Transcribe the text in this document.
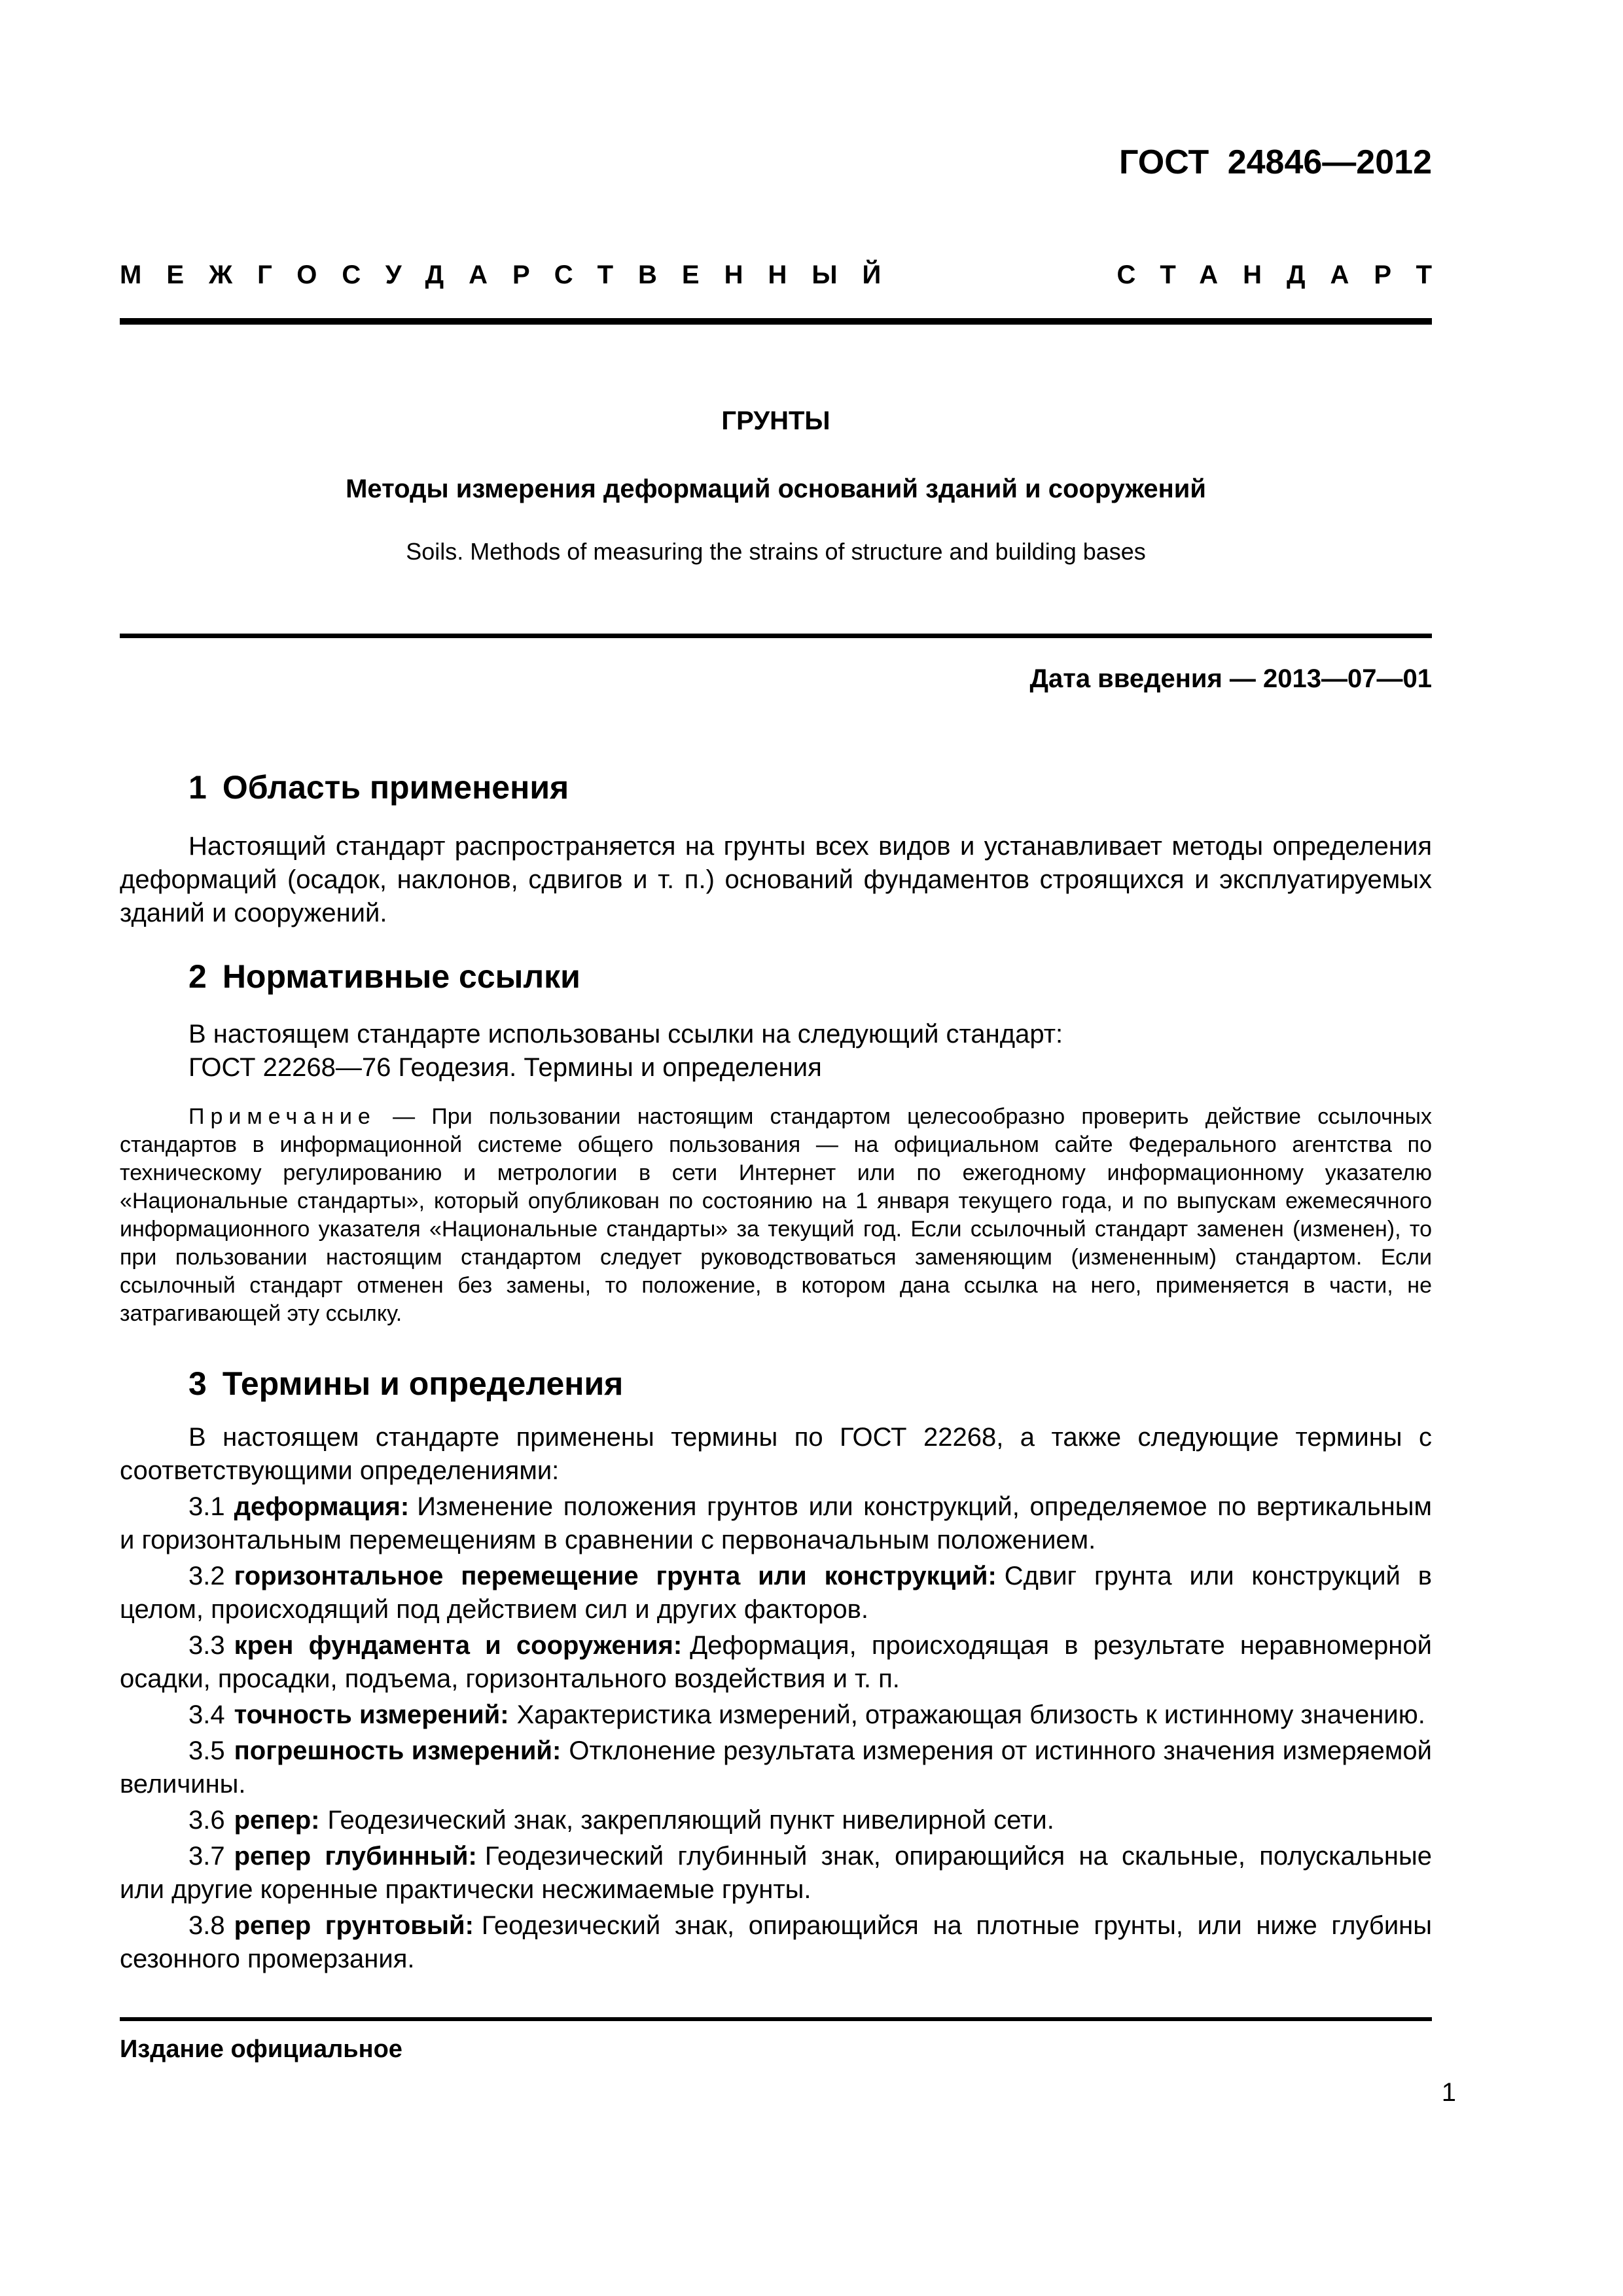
ГОСТ 24846—2012
МЕЖГОСУДАРСТВЕННЫЙ	СТАНДАРТ
ГРУНТЫ
Методы измерения деформаций оснований зданий и сооружений
Soils. Methods of measuring the strains of structure and building bases
Дата введения — 2013—07—01
1 Область применения
Настоящий стандарт распространяется на грунты всех видов и устанавливает методы определения деформаций (осадок, наклонов, сдвигов и т. п.) оснований фундаментов строящихся и эксплуатируемых зданий и сооружений.
2 Нормативные ссылки
В настоящем стандарте использованы ссылки на следующий стандарт:
ГОСТ 22268—76 Геодезия. Термины и определения
Примечание — При пользовании настоящим стандартом целесообразно проверить действие ссылочных стандартов в информационной системе общего пользования — на официальном сайте Федерального агентства по техническому регулированию и метрологии в сети Интернет или по ежегодному информационному указателю «Национальные стандарты», который опубликован по состоянию на 1 января текущего года, и по выпускам ежемесячного информационного указателя «Национальные стандарты» за текущий год. Если ссылочный стандарт заменен (изменен), то при пользовании настоящим стандартом следует руководствоваться заменяющим (измененным) стандартом. Если ссылочный стандарт отменен без замены, то положение, в котором дана ссылка на него, применяется в части, не затрагивающей эту ссылку.
3 Термины и определения
В настоящем стандарте применены термины по ГОСТ 22268, а также следующие термины с соответствующими определениями:
3.1 деформация: Изменение положения грунтов или конструкций, определяемое по вертикальным и горизонтальным перемещениям в сравнении с первоначальным положением.
3.2 горизонтальное перемещение грунта или конструкций: Сдвиг грунта или конструкций в целом, происходящий под действием сил и других факторов.
3.3 крен фундамента и сооружения: Деформация, происходящая в результате неравномерной осадки, просадки, подъема, горизонтального воздействия и т. п.
3.4 точность измерений: Характеристика измерений, отражающая близость к истинному значению.
3.5 погрешность измерений: Отклонение результата измерения от истинного значения измеряемой величины.
3.6 репер: Геодезический знак, закрепляющий пункт нивелирной сети.
3.7 репер глубинный: Геодезический глубинный знак, опирающийся на скальные, полускальные или другие коренные практически несжимаемые грунты.
3.8 репер грунтовый: Геодезический знак, опирающийся на плотные грунты, или ниже глубины сезонного промерзания.
Издание официальное
1
